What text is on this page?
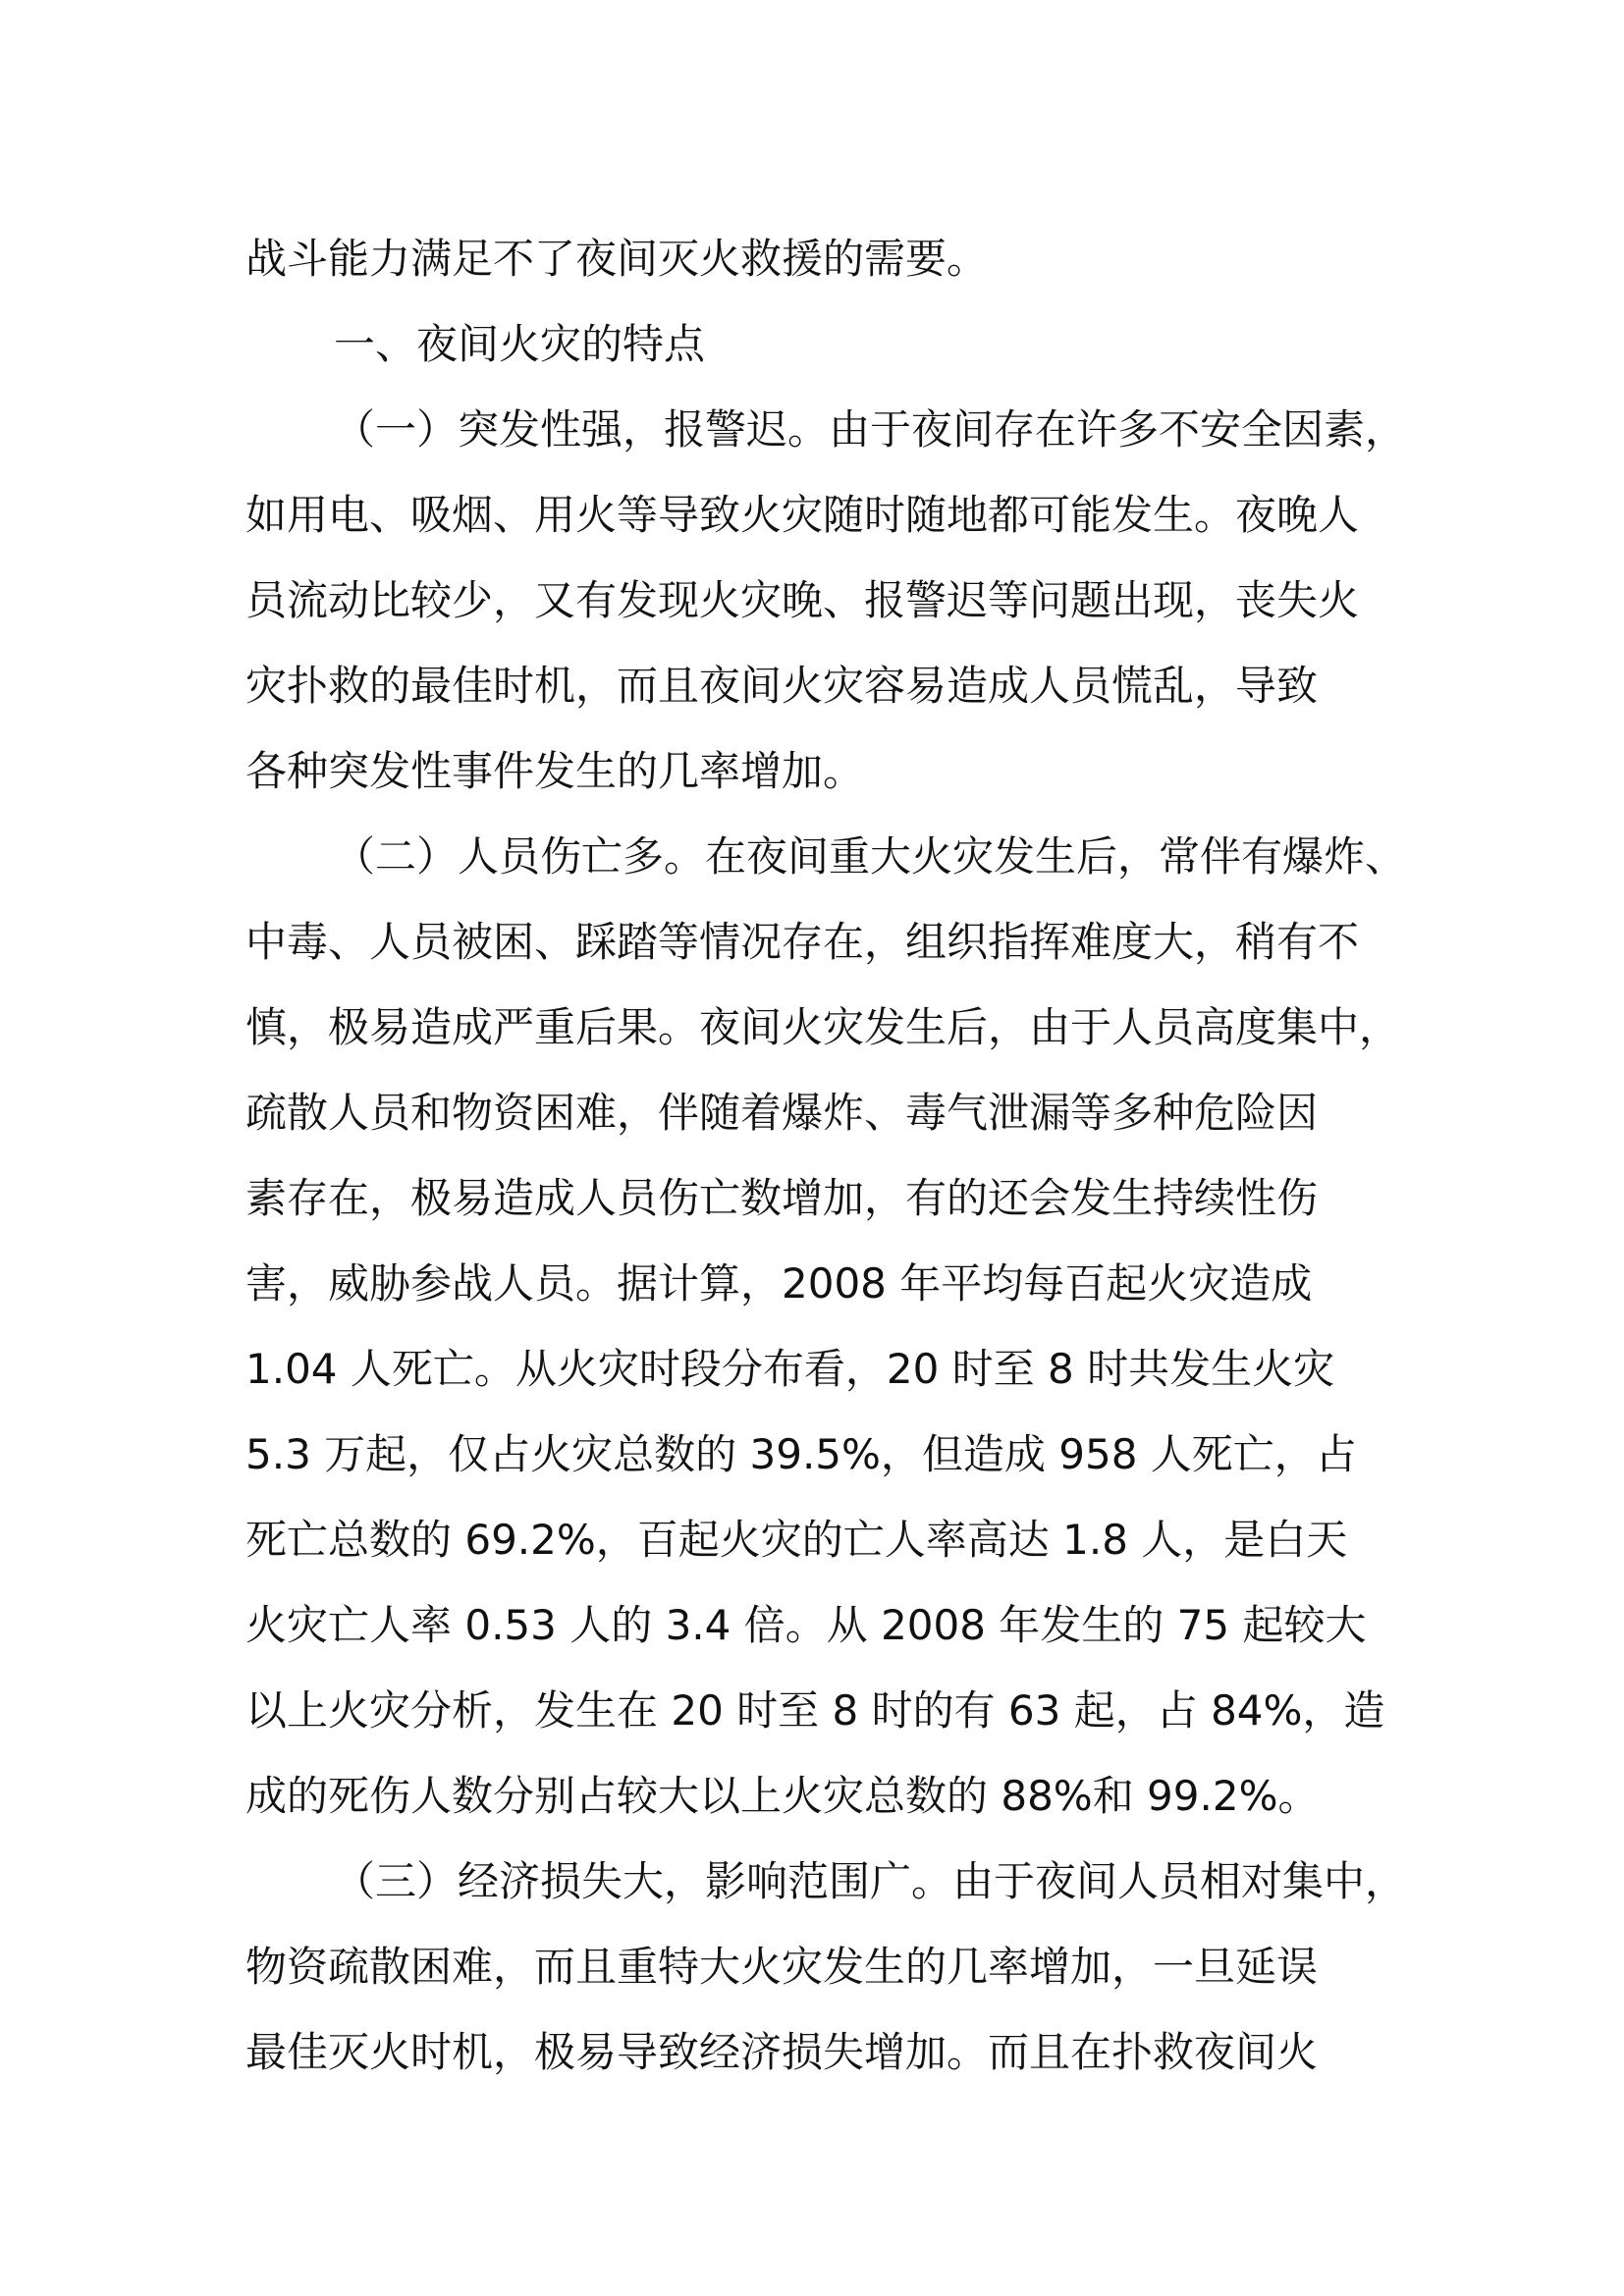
战斗能力满足不了夜间灭火救援的需要。
一、夜间火灾的特点
（一）突发性强，报警迟。由于夜间存在许多不安全因素，
如用电、吸烟、用火等导致火灾随时随地都可能发生。夜晚人
员流动比较少，又有发现火灾晚、报警迟等问题出现，丧失火
灾扑救的最佳时机，而且夜间火灾容易造成人员慌乱，导致
各种突发性事件发生的几率增加。
（二）人员伤亡多。在夜间重大火灾发生后，常伴有爆炸、
中毒、人员被困、踩踏等情况存在，组织指挥难度大，稍有不
慎，极易造成严重后果。夜间火灾发生后，由于人员高度集中，
疏散人员和物资困难，伴随着爆炸、毒气泄漏等多种危险因
素存在，极易造成人员伤亡数增加，有的还会发生持续性伤
害，威胁参战人员。据计算，2008 年平均每百起火灾造成
1.04 人死亡。从火灾时段分布看，20 时至 8 时共发生火灾
5.3 万起，仅占火灾总数的 39.5%，但造成 958 人死亡，占
死亡总数的 69.2%，百起火灾的亡人率高达 1.8 人，是白天
火灾亡人率 0.53 人的 3.4 倍。从 2008 年发生的 75 起较大
以上火灾分析，发生在 20 时至 8 时的有 63 起，占 84%，造
成的死伤人数分别占较大以上火灾总数的 88%和 99.2%。
（三）经济损失大，影响范围广。由于夜间人员相对集中，
物资疏散困难，而且重特大火灾发生的几率增加，一旦延误
最佳灭火时机，极易导致经济损失增加。而且在扑救夜间火
